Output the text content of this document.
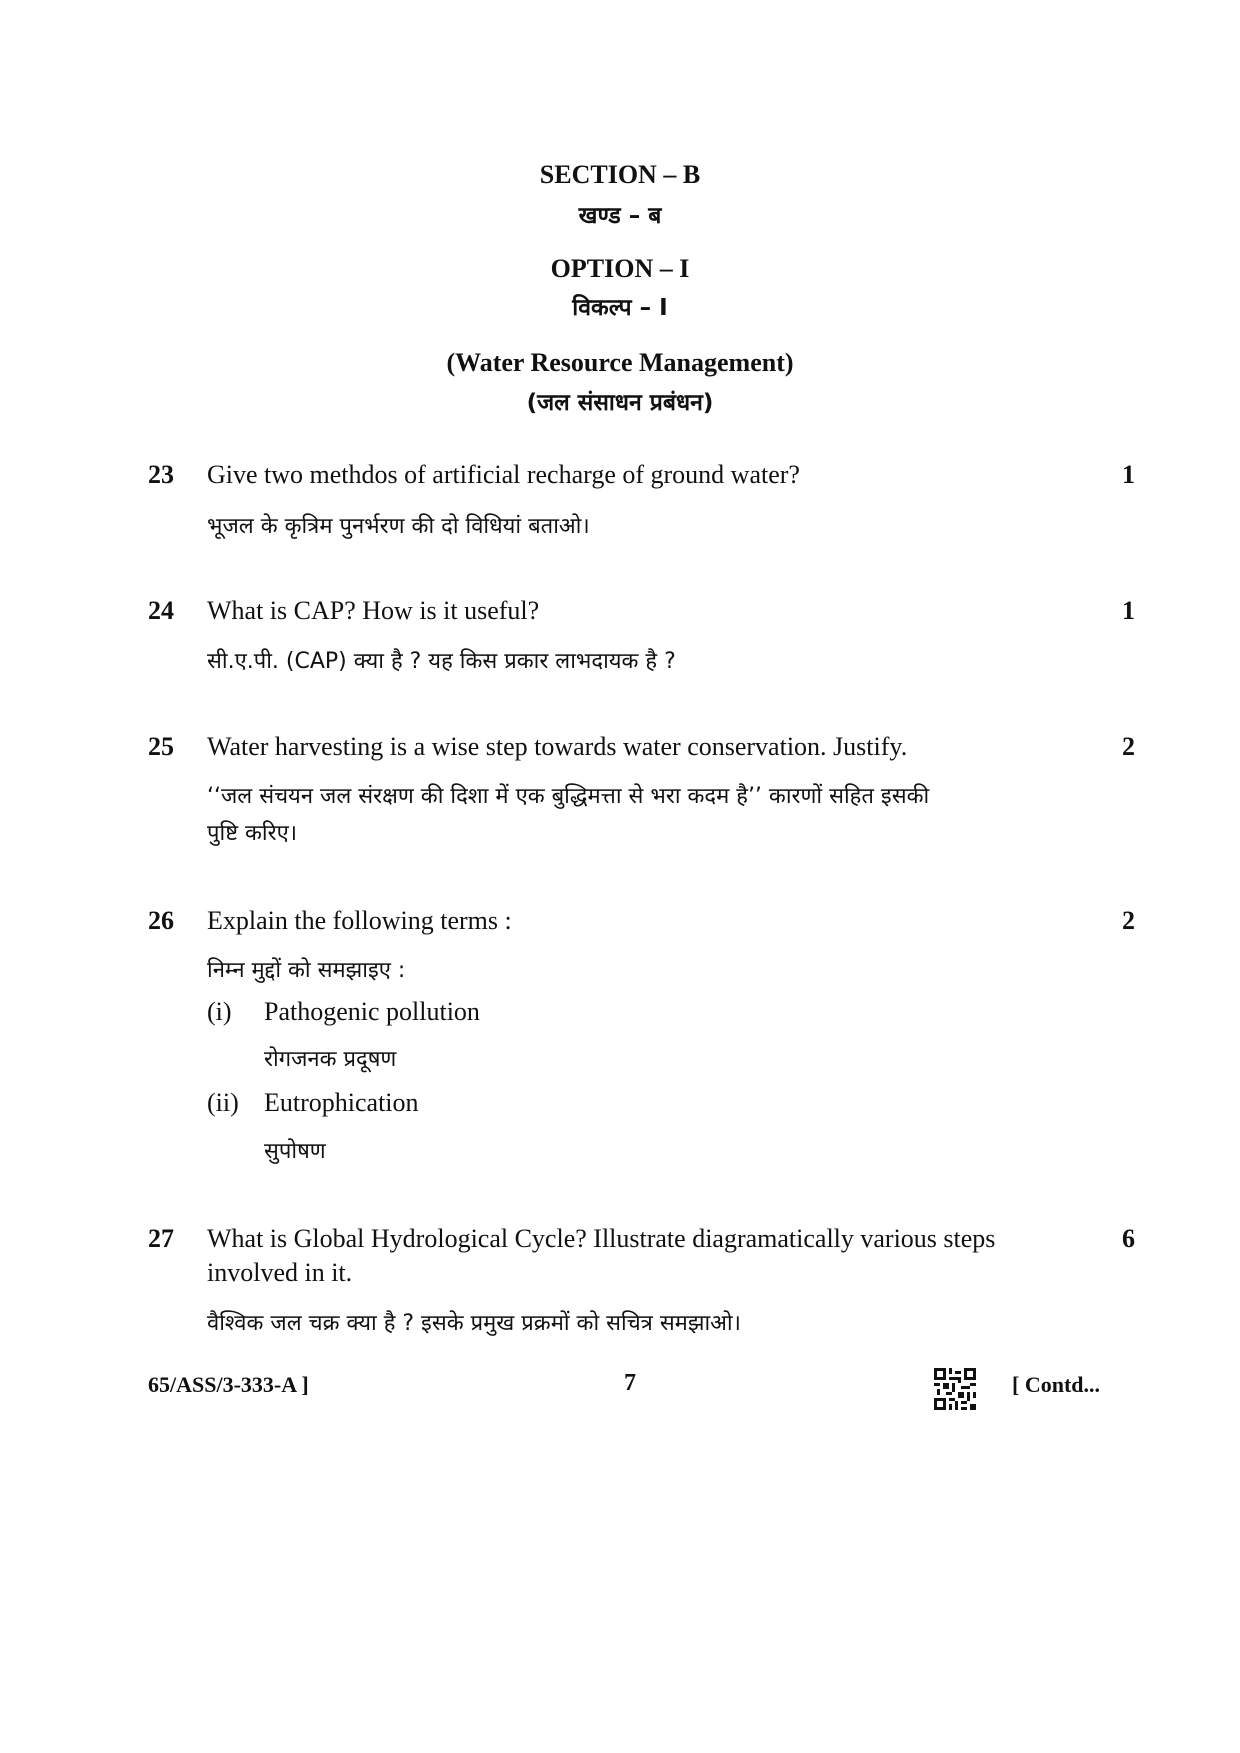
SECTION – B
खण्ड – ब
OPTION – I
विकल्प – I
(Water Resource Management)
(जल संसाधन प्रबंधन)
23 Give two methdos of artificial recharge of ground water?	1
भूजल के कृत्रिम पुनर्भरण की दो विधियां बताओ।
24 What is CAP? How is it useful?	1
सी.ए.पी. (CAP) क्या है ? यह किस प्रकार लाभदायक है ?
25 Water harvesting is a wise step towards water conservation. Justify.	2
‘‘जल संचयन जल संरक्षण की दिशा में एक बुद्धिमत्ता से भरा कदम है’’ कारणों सहित इसकी
पुष्टि करिए।
26 Explain the following terms :	2
निम्न मुद्दों को समझाइए :
(i) Pathogenic pollution
रोगजनक प्रदूषण
(ii) Eutrophication
सुपोषण
27 What is Global Hydrological Cycle? Illustrate diagramatically various steps	6
involved in it.
वैश्विक जल चक्र क्या है ? इसके प्रमुख प्रक्रमों को सचित्र समझाओ।
65/ASS/3-333-A ]	7	[ Contd...
